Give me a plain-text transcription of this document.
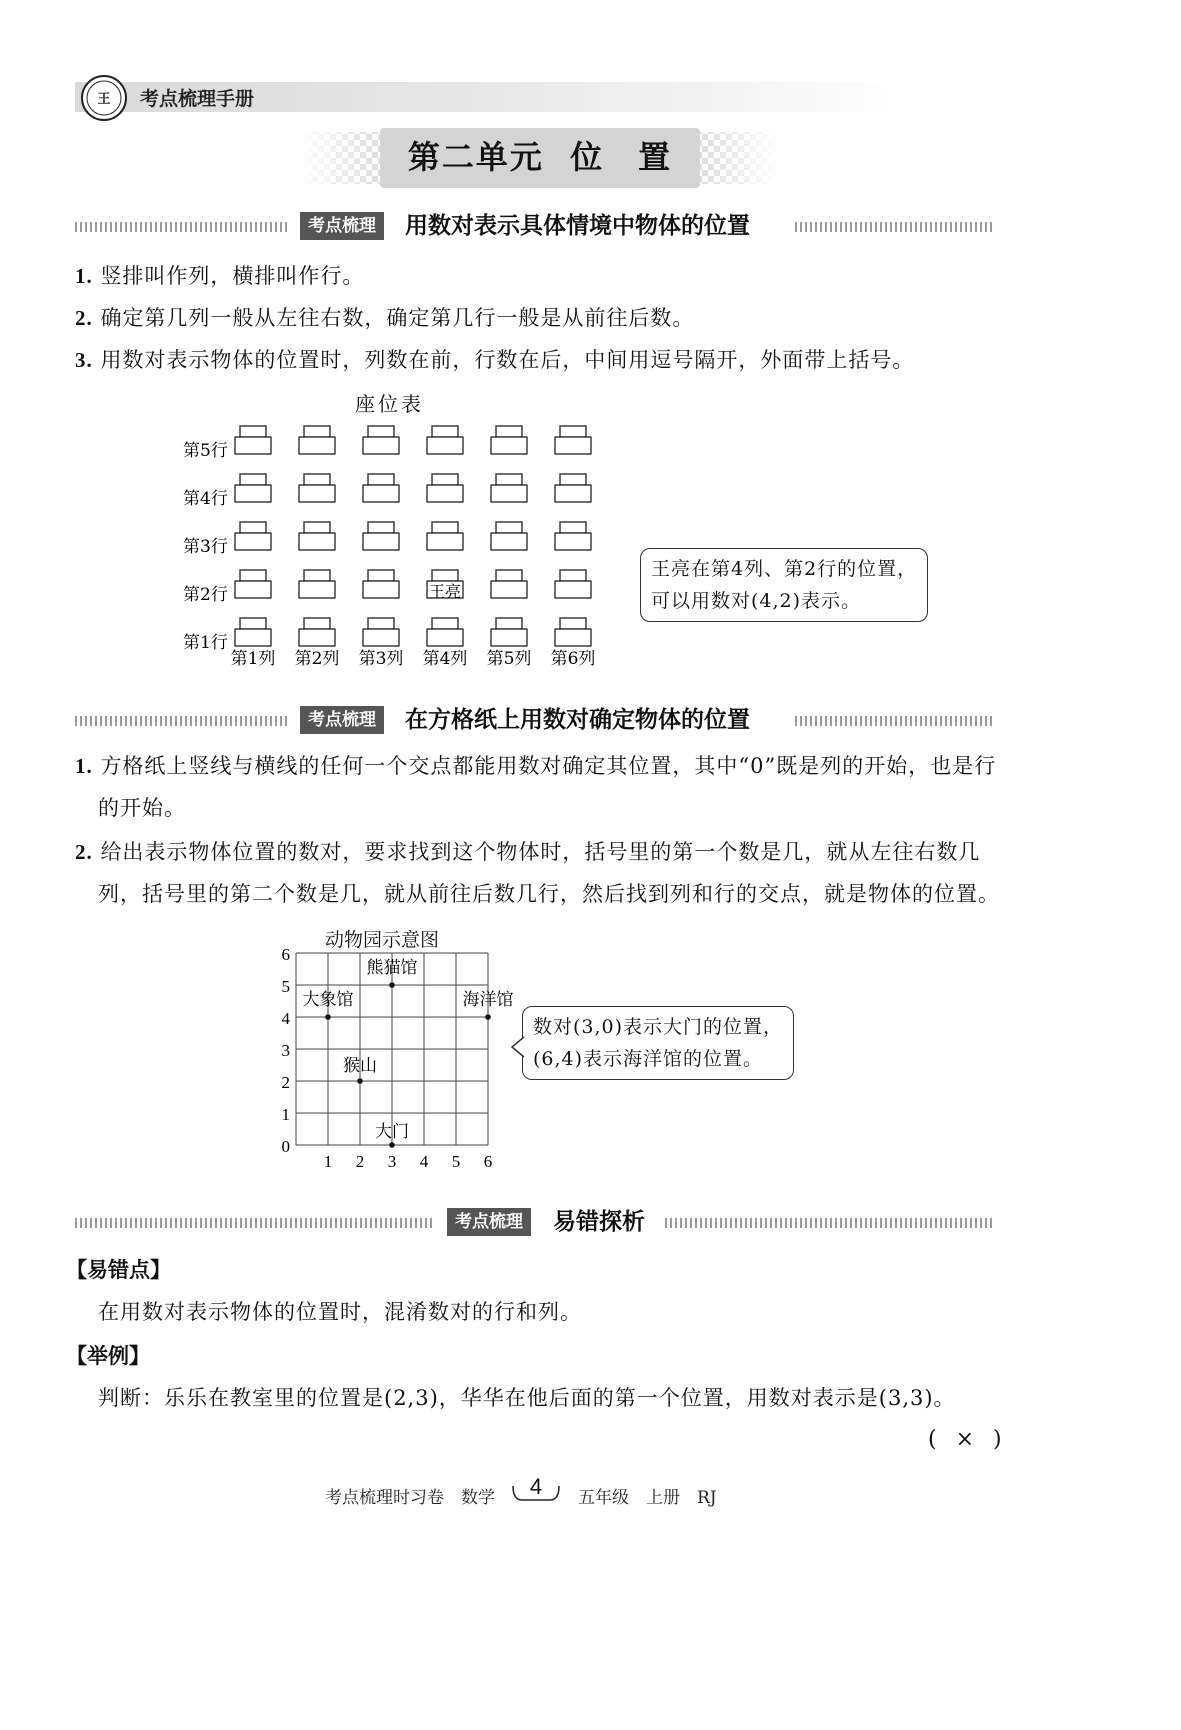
王 考点梳理手册
第二单元  位　置
考点梳理	用数对表示具体情境中物体的位置
1. 竖排叫作列，横排叫作行。
2. 确定第几列一般从左往右数，确定第几行一般是从前往后数。
3. 用数对表示物体的位置时，列数在前，行数在后，中间用逗号隔开，外面带上括号。
座位表
第5行
第4行
第3行
第2行
第1行
王亮
第1列 第2列 第3列 第4列 第5列 第6列
王亮在第4列、第2行的位置，
可以用数对(4,2)表示。
考点梳理	在方格纸上用数对确定物体的位置
1. 方格纸上竖线与横线的任何一个交点都能用数对确定其位置，其中“0”既是列的开始，也是行
的开始。
2. 给出表示物体位置的数对，要求找到这个物体时，括号里的第一个数是几，就从左往右数几
列，括号里的第二个数是几，就从前往后数几行，然后找到列和行的交点，就是物体的位置。
动物园示意图
0
1
2
3
4
5
6
1 2 3 4 5 6
熊猫馆
大象馆	海洋馆
猴山
大门
数对(3,0)表示大门的位置，
(6,4)表示海洋馆的位置。
考点梳理	易错探析
【易错点】
在用数对表示物体的位置时，混淆数对的行和列。
【举例】
判断：乐乐在教室里的位置是(2,3)，华华在他后面的第一个位置，用数对表示是(3,3)。
( × )
考点梳理时习卷　数学	4	五年级　上册　RJ
